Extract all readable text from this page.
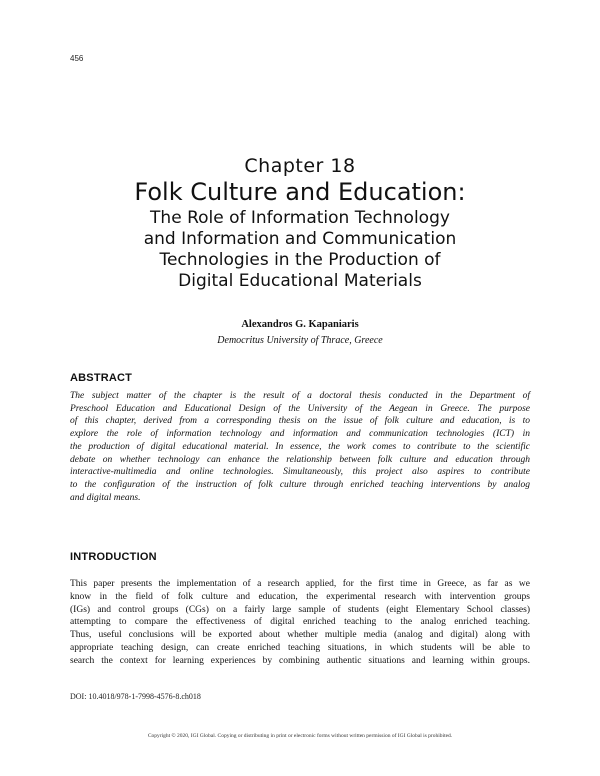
456
Chapter 18
Folk Culture and Education:
The Role of Information Technology
and Information and Communication
Technologies in the Production of
Digital Educational Materials
Alexandros G. Kapaniaris
Democritus University of Thrace, Greece
ABSTRACT
The subject matter of the chapter is the result of a doctoral thesis conducted in the Department of
Preschool Education and Educational Design of the University of the Aegean in Greece. The purpose
of this chapter, derived from a corresponding thesis on the issue of folk culture and education, is to
explore the role of information technology and information and communication technologies (ICT) in
the production of digital educational material. In essence, the work comes to contribute to the scientific
debate on whether technology can enhance the relationship between folk culture and education through
interactive-multimedia and online technologies. Simultaneously, this project also aspires to contribute
to the configuration of the instruction of folk culture through enriched teaching interventions by analog
and digital means.
INTRODUCTION
This paper presents the implementation of a research applied, for the first time in Greece, as far as we
know in the field of folk culture and education, the experimental research with intervention groups
(IGs) and control groups (CGs) on a fairly large sample of students (eight Elementary School classes)
attempting to compare the effectiveness of digital enriched teaching to the analog enriched teaching.
Thus, useful conclusions will be exported about whether multiple media (analog and digital) along with
appropriate teaching design, can create enriched teaching situations, in which students will be able to
search the context for learning experiences by combining authentic situations and learning within groups.
DOI: 10.4018/978-1-7998-4576-8.ch018
Copyright © 2020, IGI Global. Copying or distributing in print or electronic forms without written permission of IGI Global is prohibited.
